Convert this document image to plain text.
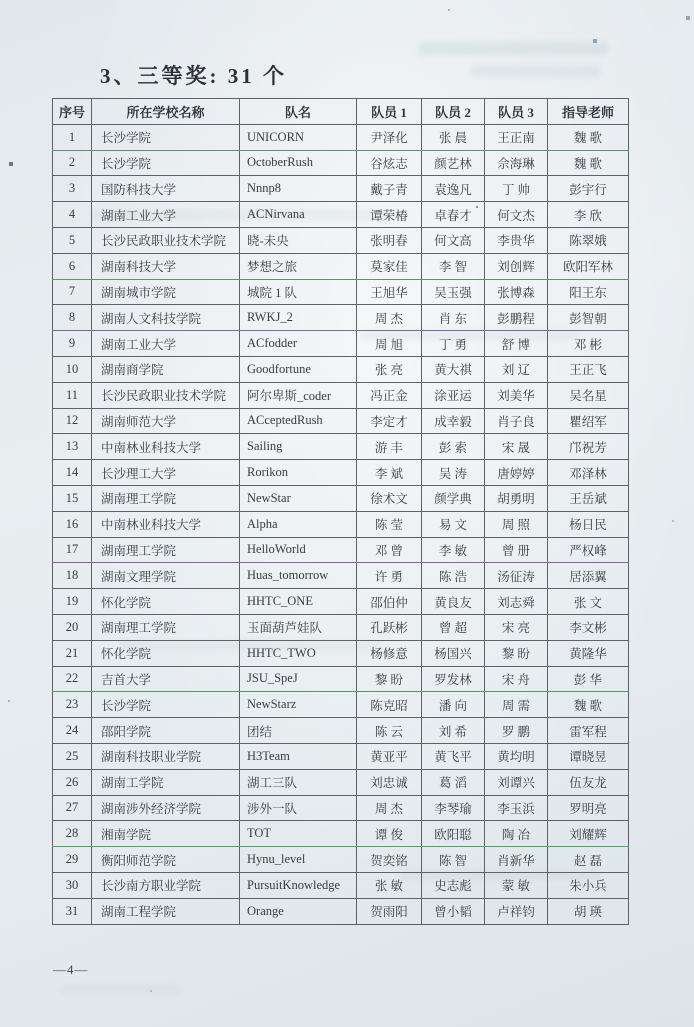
3、三等奖: 31 个
序号	所在学校名称	队名	队员 1	队员 2	队员 3	指导老师
1	长沙学院	UNICORN	尹泽化	张 晨	王正南	魏 歌
2	长沙学院	OctoberRush	谷炫志	颜艺林	佘海琳	魏 歌
3	国防科技大学	Nnnp8	戴子青	袁逸凡	丁 帅	彭宇行
4	湖南工业大学	ACNirvana	谭荣椿	卓春才	何文杰	李 欣
5	长沙民政职业技术学院	晓-未央	张明春	何文高	李贵华	陈翠娥
6	湖南科技大学	梦想之旅	莫家佳	李 智	刘创辉	欧阳军林
7	湖南城市学院	城院 1 队	王旭华	吴玉强	张博森	阳王东
8	湖南人文科技学院	RWKJ_2	周 杰	肖 东	彭鹏程	彭智朝
9	湖南工业大学	ACfodder	周 旭	丁 勇	舒 博	邓 彬
10	湖南商学院	Goodfortune	张 亮	黄大祺	刘 辽	王正飞
11	长沙民政职业技术学院	阿尔卑斯_coder	冯正金	涂亚运	刘美华	吴名星
12	湖南师范大学	ACceptedRush	李定才	成幸毅	肖子良	瞿绍军
13	中南林业科技大学	Sailing	游 丰	彭 索	宋 晟	邝祝芳
14	长沙理工大学	Rorikon	李 斌	吴 涛	唐婷婷	邓泽林
15	湖南理工学院	NewStar	徐术文	颜学典	胡勇明	王岳斌
16	中南林业科技大学	Alpha	陈 莹	易 文	周 照	杨日民
17	湖南理工学院	HelloWorld	邓 曾	李 敏	曾 册	严权峰
18	湖南文理学院	Huas_tomorrow	许 勇	陈 浩	汤征涛	居添翼
19	怀化学院	HHTC_ONE	邵伯仲	黄良友	刘志舜	张 文
20	湖南理工学院	玉面葫芦娃队	孔跃彬	曾 超	宋 亮	李文彬
21	怀化学院	HHTC_TWO	杨修意	杨国兴	黎 盼	黄隆华
22	吉首大学	JSU_SpeJ	黎 盼	罗发林	宋 舟	彭 华
23	长沙学院	NewStarz	陈克昭	潘 向	周 需	魏 歌
24	邵阳学院	团结	陈 云	刘 希	罗 鹏	雷军程
25	湖南科技职业学院	H3Team	黄亚平	黄飞平	黄均明	谭晓昱
26	湖南工学院	湖工三队	刘忠诚	葛 滔	刘谭兴	伍友龙
27	湖南涉外经济学院	涉外一队	周 杰	李琴瑜	李玉浜	罗明亮
28	湘南学院	TOT	谭 俊	欧阳聪	陶 冶	刘耀辉
29	衡阳师范学院	Hynu_level	贺奕铭	陈 智	肖新华	赵 磊
30	长沙南方职业学院	PursuitKnowledge	张 敏	史志彪	蒙 敏	朱小兵
31	湖南工程学院	Orange	贺雨阳	曾小韬	卢祥钧	胡 瑛
—4—
